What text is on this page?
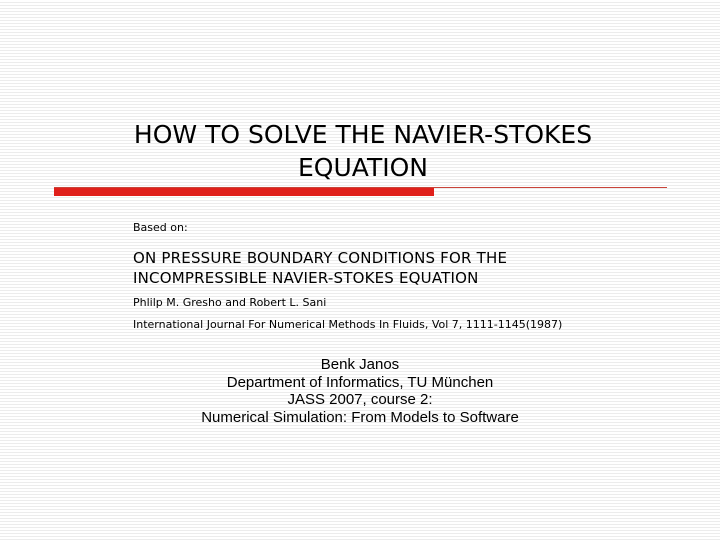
HOW TO SOLVE THE NAVIER-STOKES
EQUATION
Based on:
ON PRESSURE BOUNDARY CONDITIONS FOR THE
INCOMPRESSIBLE NAVIER-STOKES EQUATION
Phlilp M. Gresho and Robert L. Sani
International Journal For Numerical Methods In Fluids, Vol 7, 1111-1145(1987)
Benk Janos
Department of Informatics, TU München
JASS 2007, course 2:
Numerical Simulation: From Models to Software
